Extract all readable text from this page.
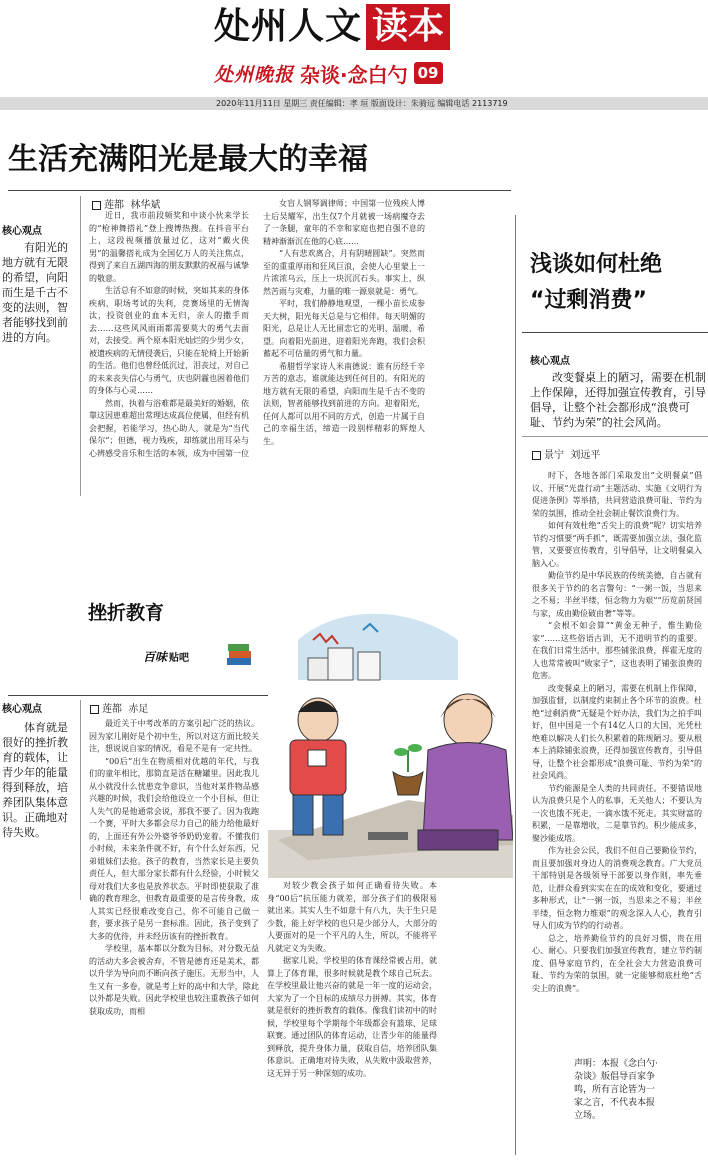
处州人文 读本
处州晚报 杂谈·念白勺 09
2020年11月11日 星期三 责任编辑：孝 垣 版面设计：朱骑远 编辑电话 2113719
生活充满阳光是最大的幸福
莲都 林华斌
核心观点

有阳光的地方就有无限的希望，向阳而生是千古不变的法则，智者能够找到前进的方向。

近日，我市前段频奖和中谈小伙来学长的“枪神舞搭礼”登上搜博热搜。在抖音平台上，这段视频播放量过亿，这对“戴火侠男”的温馨搭礼成为全国亿万人的关注焦点，得到了来自五湖四海的朋友默默的祝福与诚挚的敬意。

生活总有不如意的时候，突如其来的身体疾病，职场考试的失利，竞赛场里的无情淘汰，投资创业的血本无归，亲人的撒手而去……这些风风雨雨都需要莫大的勇气去面对，去接受。两个原本阳光灿烂的少男少女，被遗疾病的无情侵袭后，只能在轮椅上开始新的生活。他们也曾经低沉过，泪丧过，对自己的未来丧失信心与勇气，庆也阴霾也困着他们的身体与心灵……

然而，执着与浴难都是最美好的婚姻，依靠这因患难超出常理达成高位使属，但经有机会把握，若能学习，热心助人，就是为“当代保尔”；但德，视力残疾，却练就出用耳朵与心辨感受音乐和生活的本领，成为中国第一位

女盲人钢琴调律师；中国第一位残疾人博士后吴耀军，出生仅7个月就被一场病魔夺去了一条腿，童年的不幸和家庭也把自强不息的精神渐渐沉在他的心底……

“人有悲欢离合，月有阴晴圆缺”。突然而至的重重厚雨和狂风巨浪，会使人心里蒙上一片浓浓乌云，压上一块沉沉石头。事实上，纵然苦雨与灾难，力量的唯一源泉就是：勇气。

平时，我们静静地观望，一棵小苗长成参天大树，阳光每天总是与它相伴。每天明媚的阳光，总是让人无比留恋它的光明、温暖、希望。向着阳光前进，迎着阳光奔跑，我们会积蓄起不可估量的勇气和力量。

希腊哲学家诗人米南德说：谁有历经千辛万苦的意志，谁就能达到任何目的。有阳光的地方就有无限的希望，向阳而生是千古不变的法则，智者能够找到前进的方向。迎着阳光，任何人都可以用不同的方式，创造一片属于自己的幸福生活，缔造一段别样精彩的辉煌人生。

挫折教育
百味 贴吧
莲都 赤足
核心观点

体育就是很好的挫折教育的载体，让青少年的能量得到释放，培养团队集体意识。正确地对待失败。

最近关于中考改革的方案引起广泛的热议。因为家儿刚好是个初中生，所以对这方面比较关注，想说说自家的情况，看是不是有一定共性。

“00后”出生在物质相对优越的年代，与我们的童年相比，那简直是活在糖罐里。因此我儿从小就没什么忧患竞争意识，当他对某件物品感兴趣的时候，我们会给他设立一个小目标，但让人失气的是他通常会说，那我不要了。因为我跑一个赛，平时大多都会尽力自己的能力给他最好的，上面还有外公外婆爷爷奶奶宠着。不懂我们小时候，未来条件就不好，有个什么好东西，兄弟姐妹们去抢。孩子的教育，当然家长是主要负责任人，但大部分家长都有什么经验，小时候父母对我们大多也是放养状态。平时即使获取了准确的教育理念，但教育最重要的是言传身教，成人其实已经很难改变自己，你不可能自己做一套，要求孩子是另一套标准。因此，孩子变到了大多的优待，并未经历该有的挫折教育。

学校里，基本都以分数为目标，对分数无益的活动大多会被舍弃，不管是德育还是美术，都以升学为导向而不断向孩子施压。无形当中，人生又有一多卷，就是考上好的高中和大学，除此以外都是失败。因此学校里也较注重教孩子如何获取成功，而相

对较少教会孩子如何正确看待失败。本身“00后”抗压能力就差，部分孩子们的极限易就出来。其实人生不如意十有八九，失于生只是少数，能上好学校的也只是少部分人，大部分的人要面对的是一个平凡的人生，所以，不能将平凡就定义为失败。

据家儿说，学校里的体育课经常被占用，就算上了体育课，很多时候就是教个球自己玩去。在学校里最让他兴奋的就是一年一度的运动会，大家为了一个目标的成绩尽力拼搏。其实，体育就是很好的挫折教育的载体。像我们读初中的时候，学校里每个学期每个年级都会有篮球、足球联赛。通过团队的体育运动，让青少年的能量得到释放，提升身体力量，获取自信，培养团队集体意识。正确地对待失败，从失败中汲取营养，这无异于另一种深刻的成功。

浅谈如何杜绝
“过剩消费”
核心观点

改变餐桌上的陋习，需要在机制上作保障，还得加强宣传教育，引导倡导，让整个社会都形成“浪费可耻、节约为荣”的社会风尚。

景宁 刘远平

时下，各地各部门采取发出“文明餐桌”倡议、开展“光盘行动”主题活动、实施《文明行为促进条例》等举措，共同营造浪费可耻、节约为荣的氛围，推动全社会制止餐饮浪费行为。

如何有效杜绝“舌尖上的浪费”呢？切实培养节约习惯要“两手抓”，既需要加强立法，强化监管，又要要宣传教育，引导倡导，让文明餐桌入脑入心。

勤俭节约是中华民族的传统美德，自古就有很多关于节约的名言警句：“一粥一饭，当思来之不易；半丝半缕，恒念物力为艰”“历览前贤国与家，成由勤俭破由奢”等等。

“会根不如会算”“黄金无种子，惟生勤俭家”……这些俗语古训，无不道明节约的重要。在我们日常生活中，那些铺张浪费，挥霍无度的人也常常被叫“败家子”，这也表明了铺张浪费的危害。

改变餐桌上的陋习，需要在机制上作保障，加强监督，以制度约束制止各个环节的浪费。杜绝“过剩消费”无疑是个好办法，我们为之拍手叫好，但中国是一个有14亿人口的大国，光凭杜绝难以解决人们长久积累着的陈规陋习。要从根本上消除铺张浪费，还得加强宣传教育，引导倡导，让整个社会都形成“浪费可耻、节约为荣”的社会风尚。

节约能源是全人类的共同责任。不要错误地认为浪费只是个人的私事，无关他人；不要认为一次也饿不死走，一滴水饿不死走。其实财富的积累，一是靠增收，二是靠节约。积少能成多，聚沙能成塔。

作为社会公民，我们不但自己要勤俭节约，而且要加强对身边人的消费观念教育。广大党员干部特别是各级领导干部要以身作则，率先垂范，让群众看到实实在在的成效和变化，要通过多种形式，让“一粥一饭，当思来之不易；半丝半缕，恒念物力维艰”的观念深入人心，教育引导人们成为节约的行动者。

总之，培养勤俭节约的良好习惯，贵在用心、耐心。只要我们加强宣传教育，建立节约制度、倡导家庭节约，在全社会大力营造浪费可耻、节约为荣的氛围，就一定能够彻底杜绝“舌尖上的浪费”。

声明：本报《念白勺·杂谈》版倡导百家争鸣，所有言论皆为一家之言，不代表本报立场。
